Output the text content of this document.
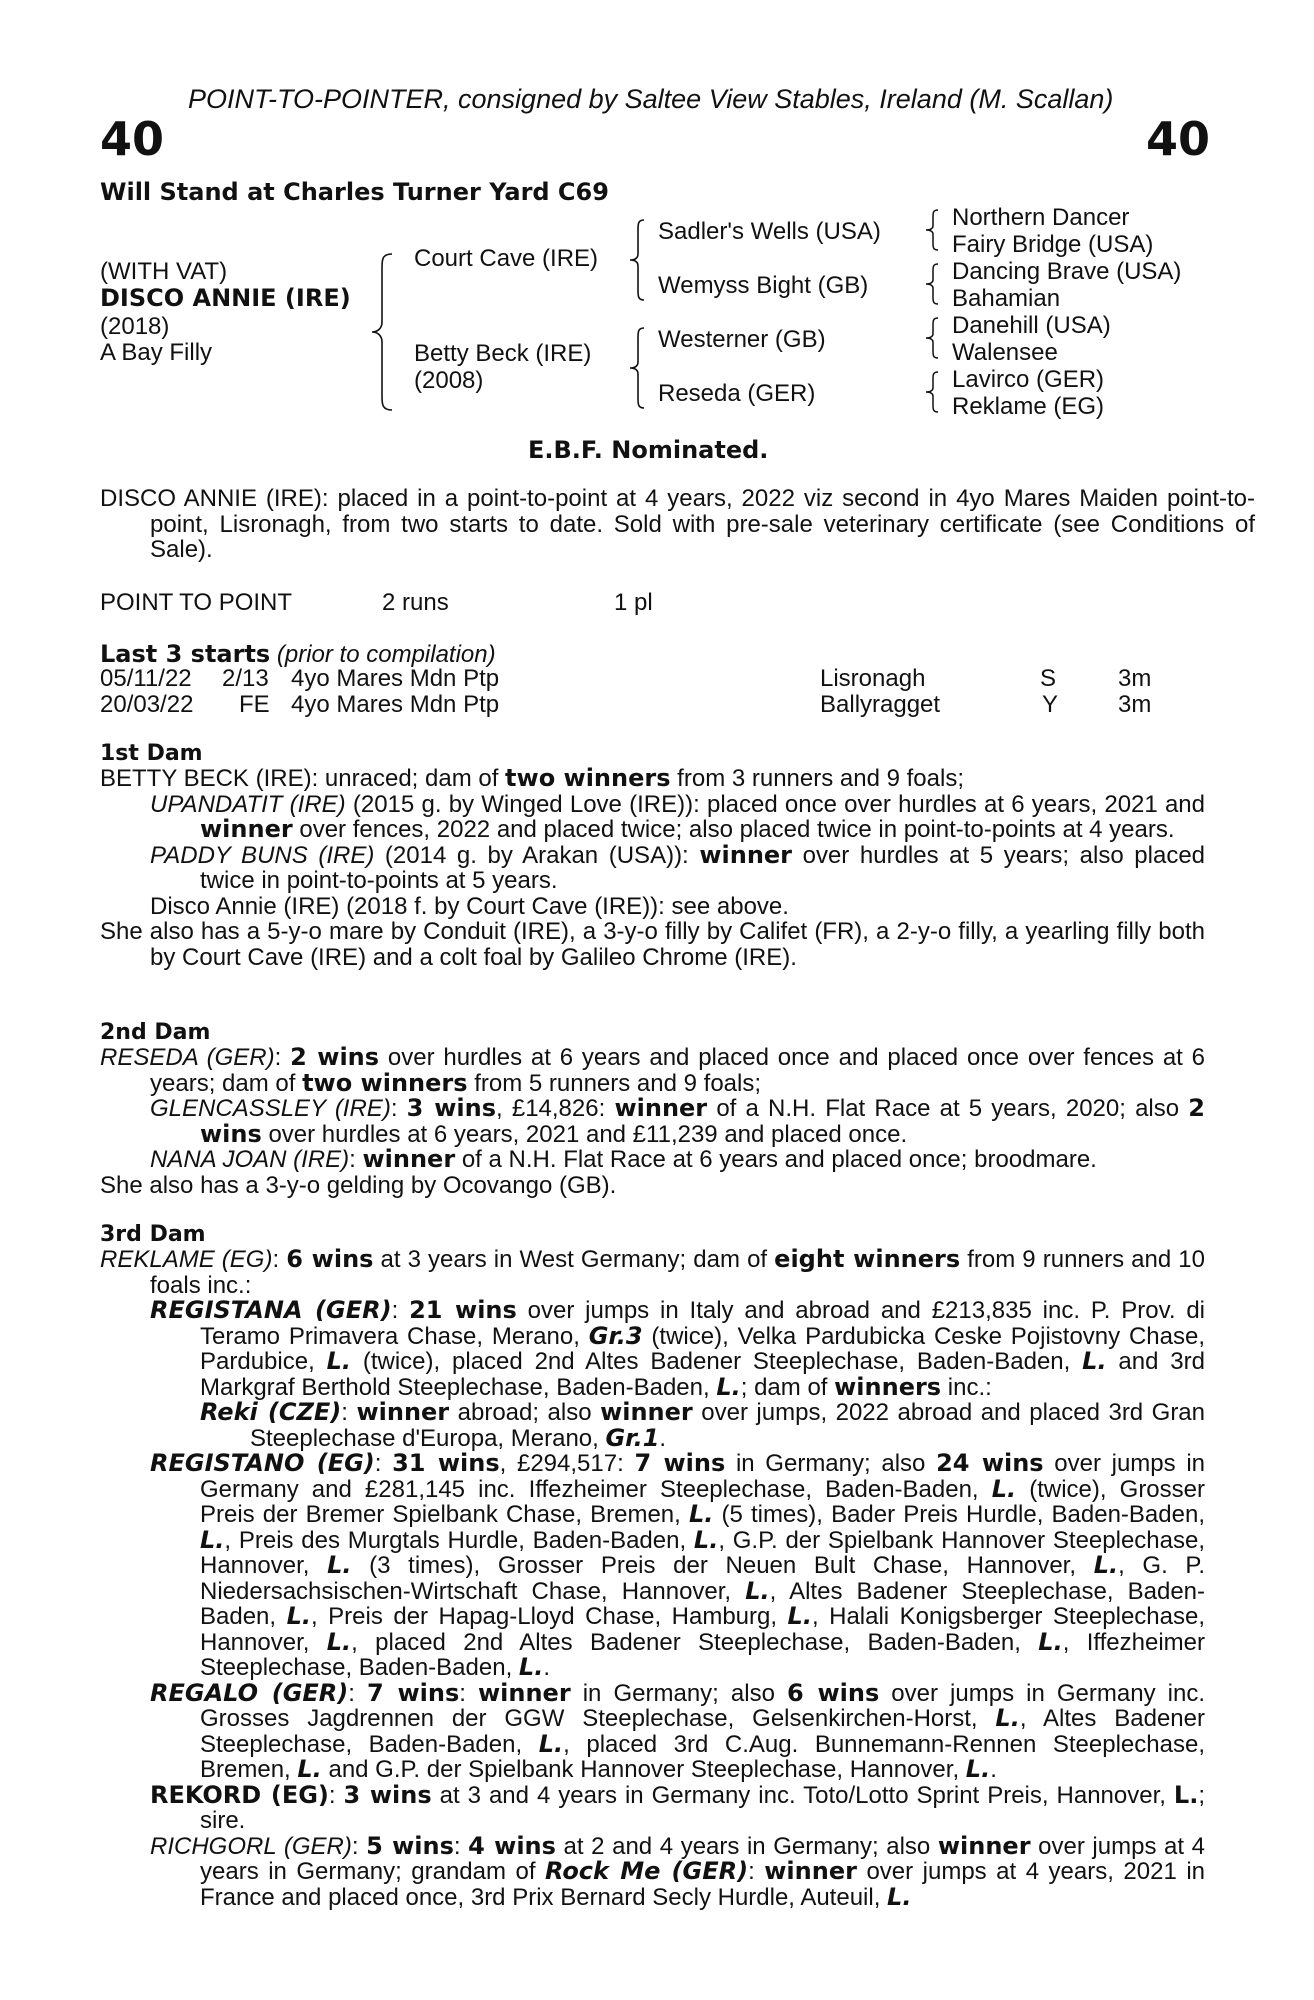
POINT-TO-POINTER, consigned by Saltee View Stables, Ireland (M. Scallan)
40	40
Will Stand at Charles Turner Yard C69
(WITH VAT)
DISCO ANNIE (IRE)
(2018)
A Bay Filly
Court Cave (IRE)
Betty Beck (IRE)
(2008)
Sadler's Wells (USA)
Wemyss Bight (GB)
Westerner (GB)
Reseda (GER)
Northern Dancer
Fairy Bridge (USA)
Dancing Brave (USA)
Bahamian
Danehill (USA)
Walensee
Lavirco (GER)
Reklame (EG)
E.B.F. Nominated.
DISCO ANNIE (IRE): placed in a point-to-point at 4 years, 2022 viz second in 4yo Mares Maiden point-to-point, Lisronagh, from two starts to date. Sold with pre-sale veterinary certificate (see Conditions of Sale).
POINT TO POINT	2 runs	1 pl
Last 3 starts (prior to compilation)
05/11/22 2/13 4yo Mares Mdn Ptp	Lisronagh	S	3m
20/03/22 FE 4yo Mares Mdn Ptp	Ballyragget	Y 3m
1st Dam

BETTY BECK (IRE): unraced; dam of two winners from 3 runners and 9 foals;

UPANDATIT (IRE) (2015 g. by Winged Love (IRE)): placed once over hurdles at 6 years, 2021 and winner over fences, 2022 and placed twice; also placed twice in point-to-points at 4 years.

PADDY BUNS (IRE) (2014 g. by Arakan (USA)): winner over hurdles at 5 years; also placed twice in point-to-points at 5 years.

Disco Annie (IRE) (2018 f. by Court Cave (IRE)): see above.

She also has a 5-y-o mare by Conduit (IRE), a 3-y-o filly by Califet (FR), a 2-y-o filly, a yearling filly both by Court Cave (IRE) and a colt foal by Galileo Chrome (IRE).

2nd Dam

RESEDA (GER): 2 wins over hurdles at 6 years and placed once and placed once over fences at 6 years; dam of two winners from 5 runners and 9 foals;

GLENCASSLEY (IRE): 3 wins, £14,826: winner of a N.H. Flat Race at 5 years, 2020; also 2 wins over hurdles at 6 years, 2021 and £11,239 and placed once.

NANA JOAN (IRE): winner of a N.H. Flat Race at 6 years and placed once; broodmare.

She also has a 3-y-o gelding by Ocovango (GB).

3rd Dam

REKLAME (EG): 6 wins at 3 years in West Germany; dam of eight winners from 9 runners and 10 foals inc.:

REGISTANA (GER): 21 wins over jumps in Italy and abroad and £213,835 inc. P. Prov. di Teramo Primavera Chase, Merano, Gr.3 (twice), Velka Pardubicka Ceske Pojistovny Chase, Pardubice, L. (twice), placed 2nd Altes Badener Steeplechase, Baden-Baden, L. and 3rd Markgraf Berthold Steeplechase, Baden-Baden, L.; dam of winners inc.:

Reki (CZE): winner abroad; also winner over jumps, 2022 abroad and placed 3rd Gran Steeplechase d'Europa, Merano, Gr.1.

REGISTANO (EG): 31 wins, £294,517: 7 wins in Germany; also 24 wins over jumps in Germany and £281,145 inc. Iffezheimer Steeplechase, Baden-Baden, L. (twice), Grosser Preis der Bremer Spielbank Chase, Bremen, L. (5 times), Bader Preis Hurdle, Baden-Baden, L., Preis des Murgtals Hurdle, Baden-Baden, L., G.P. der Spielbank Hannover Steeplechase, Hannover, L. (3 times), Grosser Preis der Neuen Bult Chase, Hannover, L., G. P. Niedersachsischen-Wirtschaft Chase, Hannover, L., Altes Badener Steeplechase, Baden-Baden, L., Preis der Hapag-Lloyd Chase, Hamburg, L., Halali Konigsberger Steeplechase, Hannover, L., placed 2nd Altes Badener Steeplechase, Baden-Baden, L., Iffezheimer Steeplechase, Baden-Baden, L..

REGALO (GER): 7 wins: winner in Germany; also 6 wins over jumps in Germany inc. Grosses Jagdrennen der GGW Steeplechase, Gelsenkirchen-Horst, L., Altes Badener Steeplechase, Baden-Baden, L., placed 3rd C.Aug. Bunnemann-Rennen Steeplechase, Bremen, L. and G.P. der Spielbank Hannover Steeplechase, Hannover, L..

REKORD (EG): 3 wins at 3 and 4 years in Germany inc. Toto/Lotto Sprint Preis, Hannover, L.; sire.

RICHGORL (GER): 5 wins: 4 wins at 2 and 4 years in Germany; also winner over jumps at 4 years in Germany; grandam of Rock Me (GER): winner over jumps at 4 years, 2021 in France and placed once, 3rd Prix Bernard Secly Hurdle, Auteuil, L.
